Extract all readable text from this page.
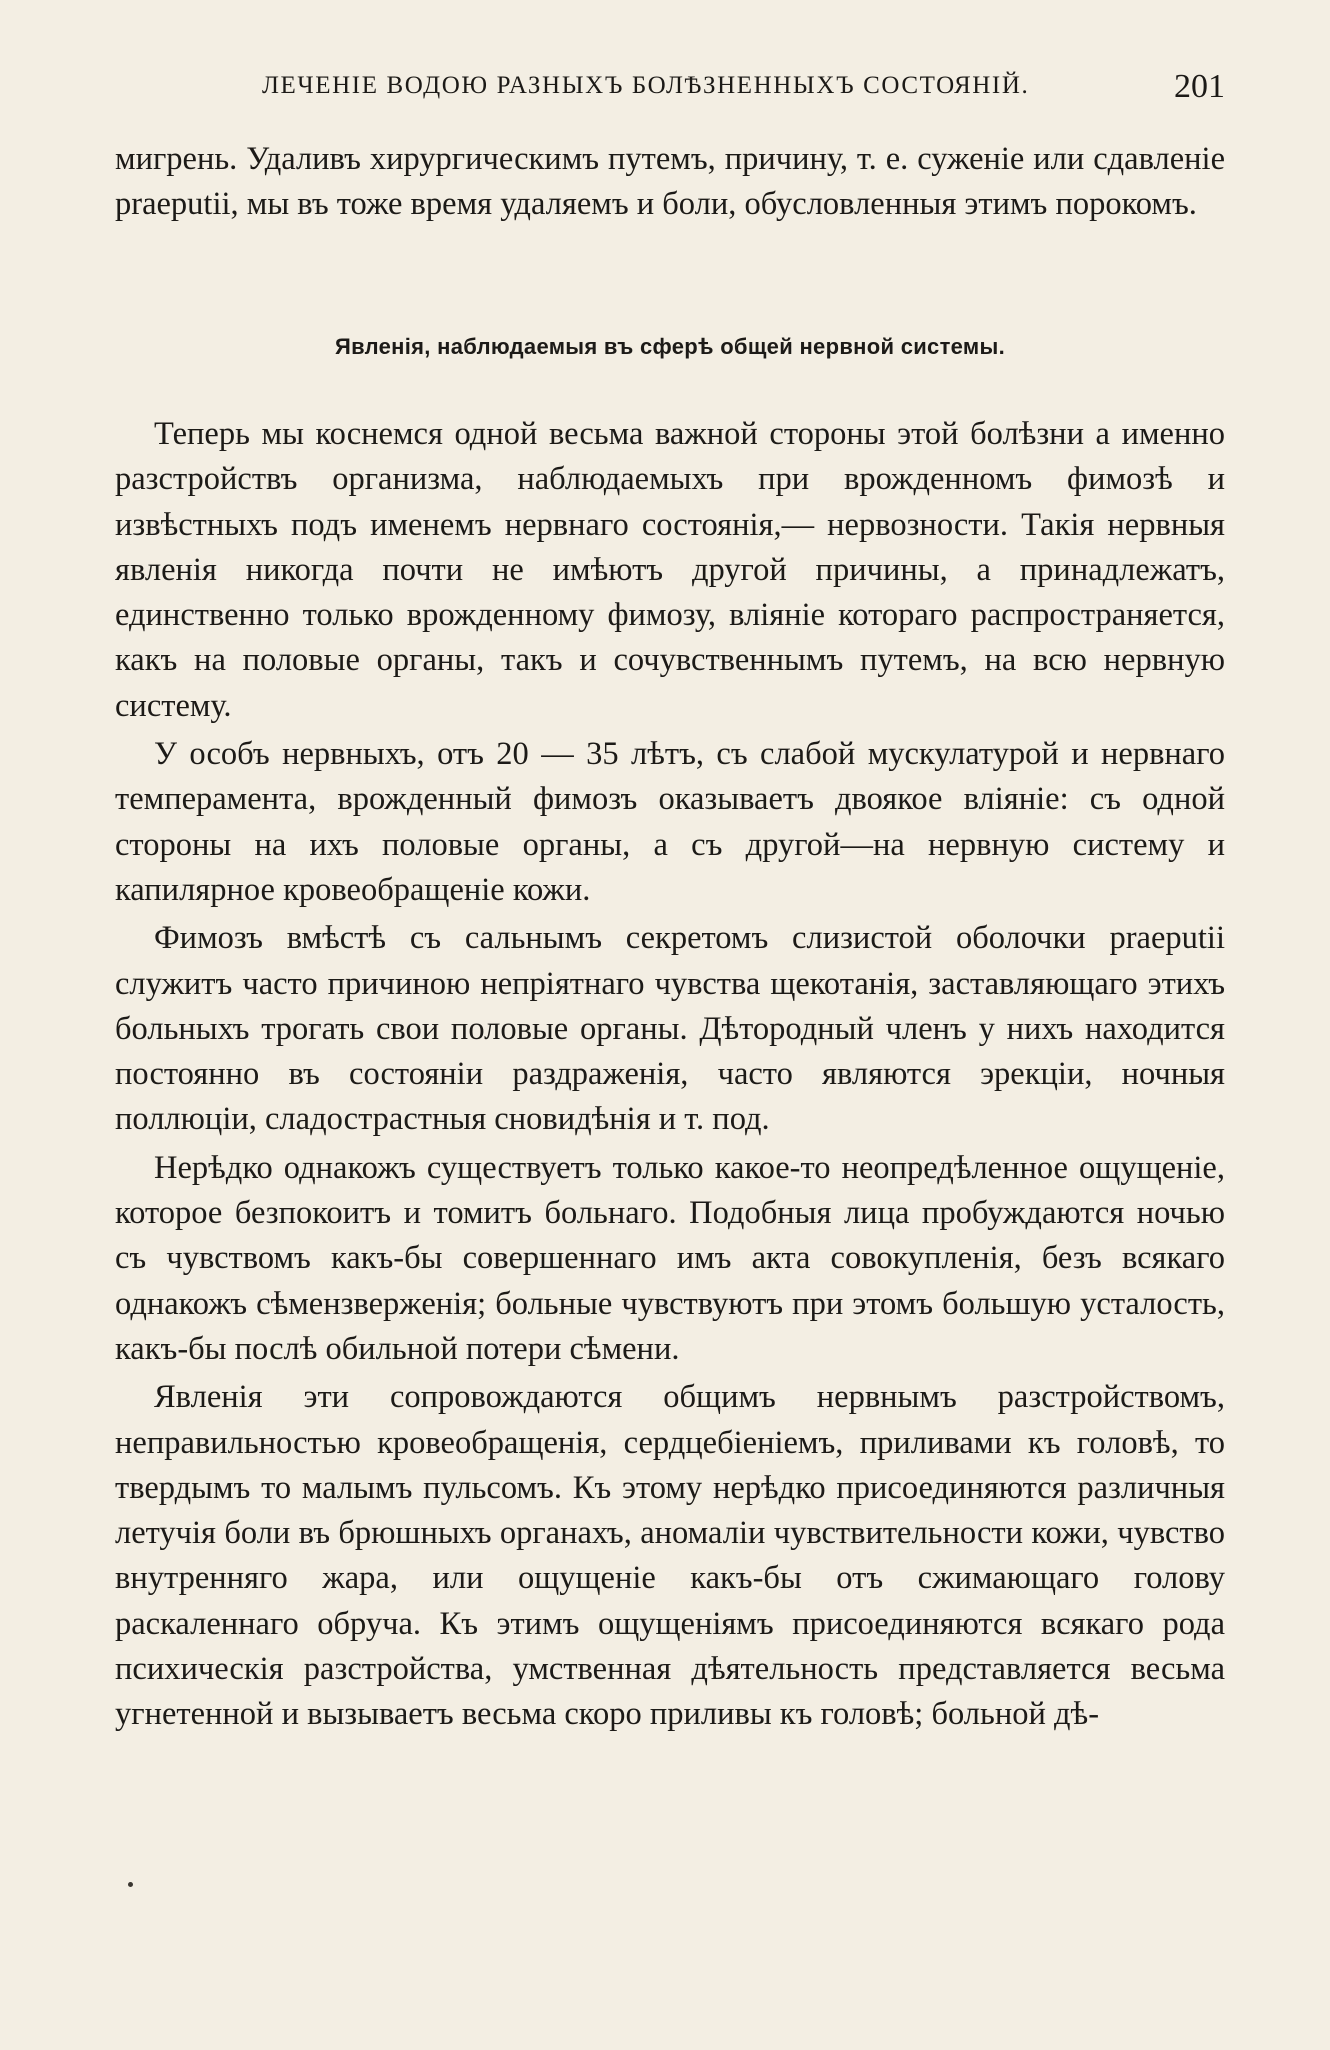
ЛЕЧЕНІЕ ВОДОЮ РАЗНЫХЪ БОЛѢЗНЕННЫХЪ СОСТОЯНІЙ.	201

мигрень. Удаливъ хирургическимъ путемъ, причину, т. е. суженіе или сдавленіе praeputii, мы въ тоже время удаляемъ и боли, обусловленныя этимъ порокомъ.

Явленія, наблюдаемыя въ сферѣ общей нервной системы.

Теперь мы коснемся одной весьма важной стороны этой болѣзни a именно разстройствъ организма, наблюдаемыхъ при врожденномъ фимозѣ и извѣстныхъ подъ именемъ нервнаго состоянія,— нервозности. Такія нервныя явленія никогда почти не имѣютъ другой причины, а принадлежатъ, единственно только врожденному фимозу, вліяніе котораго распространяется, какъ на половые органы, такъ и сочувственнымъ путемъ, на всю нервную систему.

У особъ нервныхъ, отъ 20 — 35 лѣтъ, съ слабой мускулатурой и нервнаго темперамента, врожденный фимозъ оказываетъ двоякое вліяніе: съ одной стороны на ихъ половые органы, а съ другой—на нервную систему и капилярное кровеобращеніе кожи.

Фимозъ вмѣстѣ съ сальнымъ секретомъ слизистой оболочки praeputii служитъ часто причиною непріятнаго чувства щекотанія, заставляющаго этихъ больныхъ трогать свои половые органы. Дѣтородный членъ у нихъ находится постоянно въ состояніи раздраженія, часто являются эрекціи, ночныя поллюціи, сладострастныя сновидѣнія и т. под.

Нерѣдко однакожъ существуетъ только какое-то неопредѣленное ощущеніе, которое безпокоитъ и томитъ больнаго. Подобныя лица пробуждаются ночью съ чувствомъ какъ-бы совершеннаго имъ акта совокупленія, безъ всякаго однакожъ сѣмензверженія; больные чувствуютъ при этомъ большую усталость, какъ-бы послѣ обильной потери сѣмени.

Явленія эти сопровождаются общимъ нервнымъ разстройствомъ, неправильностью кровеобращенія, сердцебіеніемъ, приливами къ головѣ, то твердымъ то малымъ пульсомъ. Къ этому нерѣдко присоединяются различныя летучія боли въ брюшныхъ органахъ, аномаліи чувствительности кожи, чувство внутренняго жара, или ощущеніе какъ-бы отъ сжимающаго голову раскаленнаго обруча. Къ этимъ ощущеніямъ присоединяются всякаго рода психическія разстройства, умственная дѣятельность представляется весьма угнетенной и вызываетъ весьма скоро приливы къ головѣ; больной дѣ-
